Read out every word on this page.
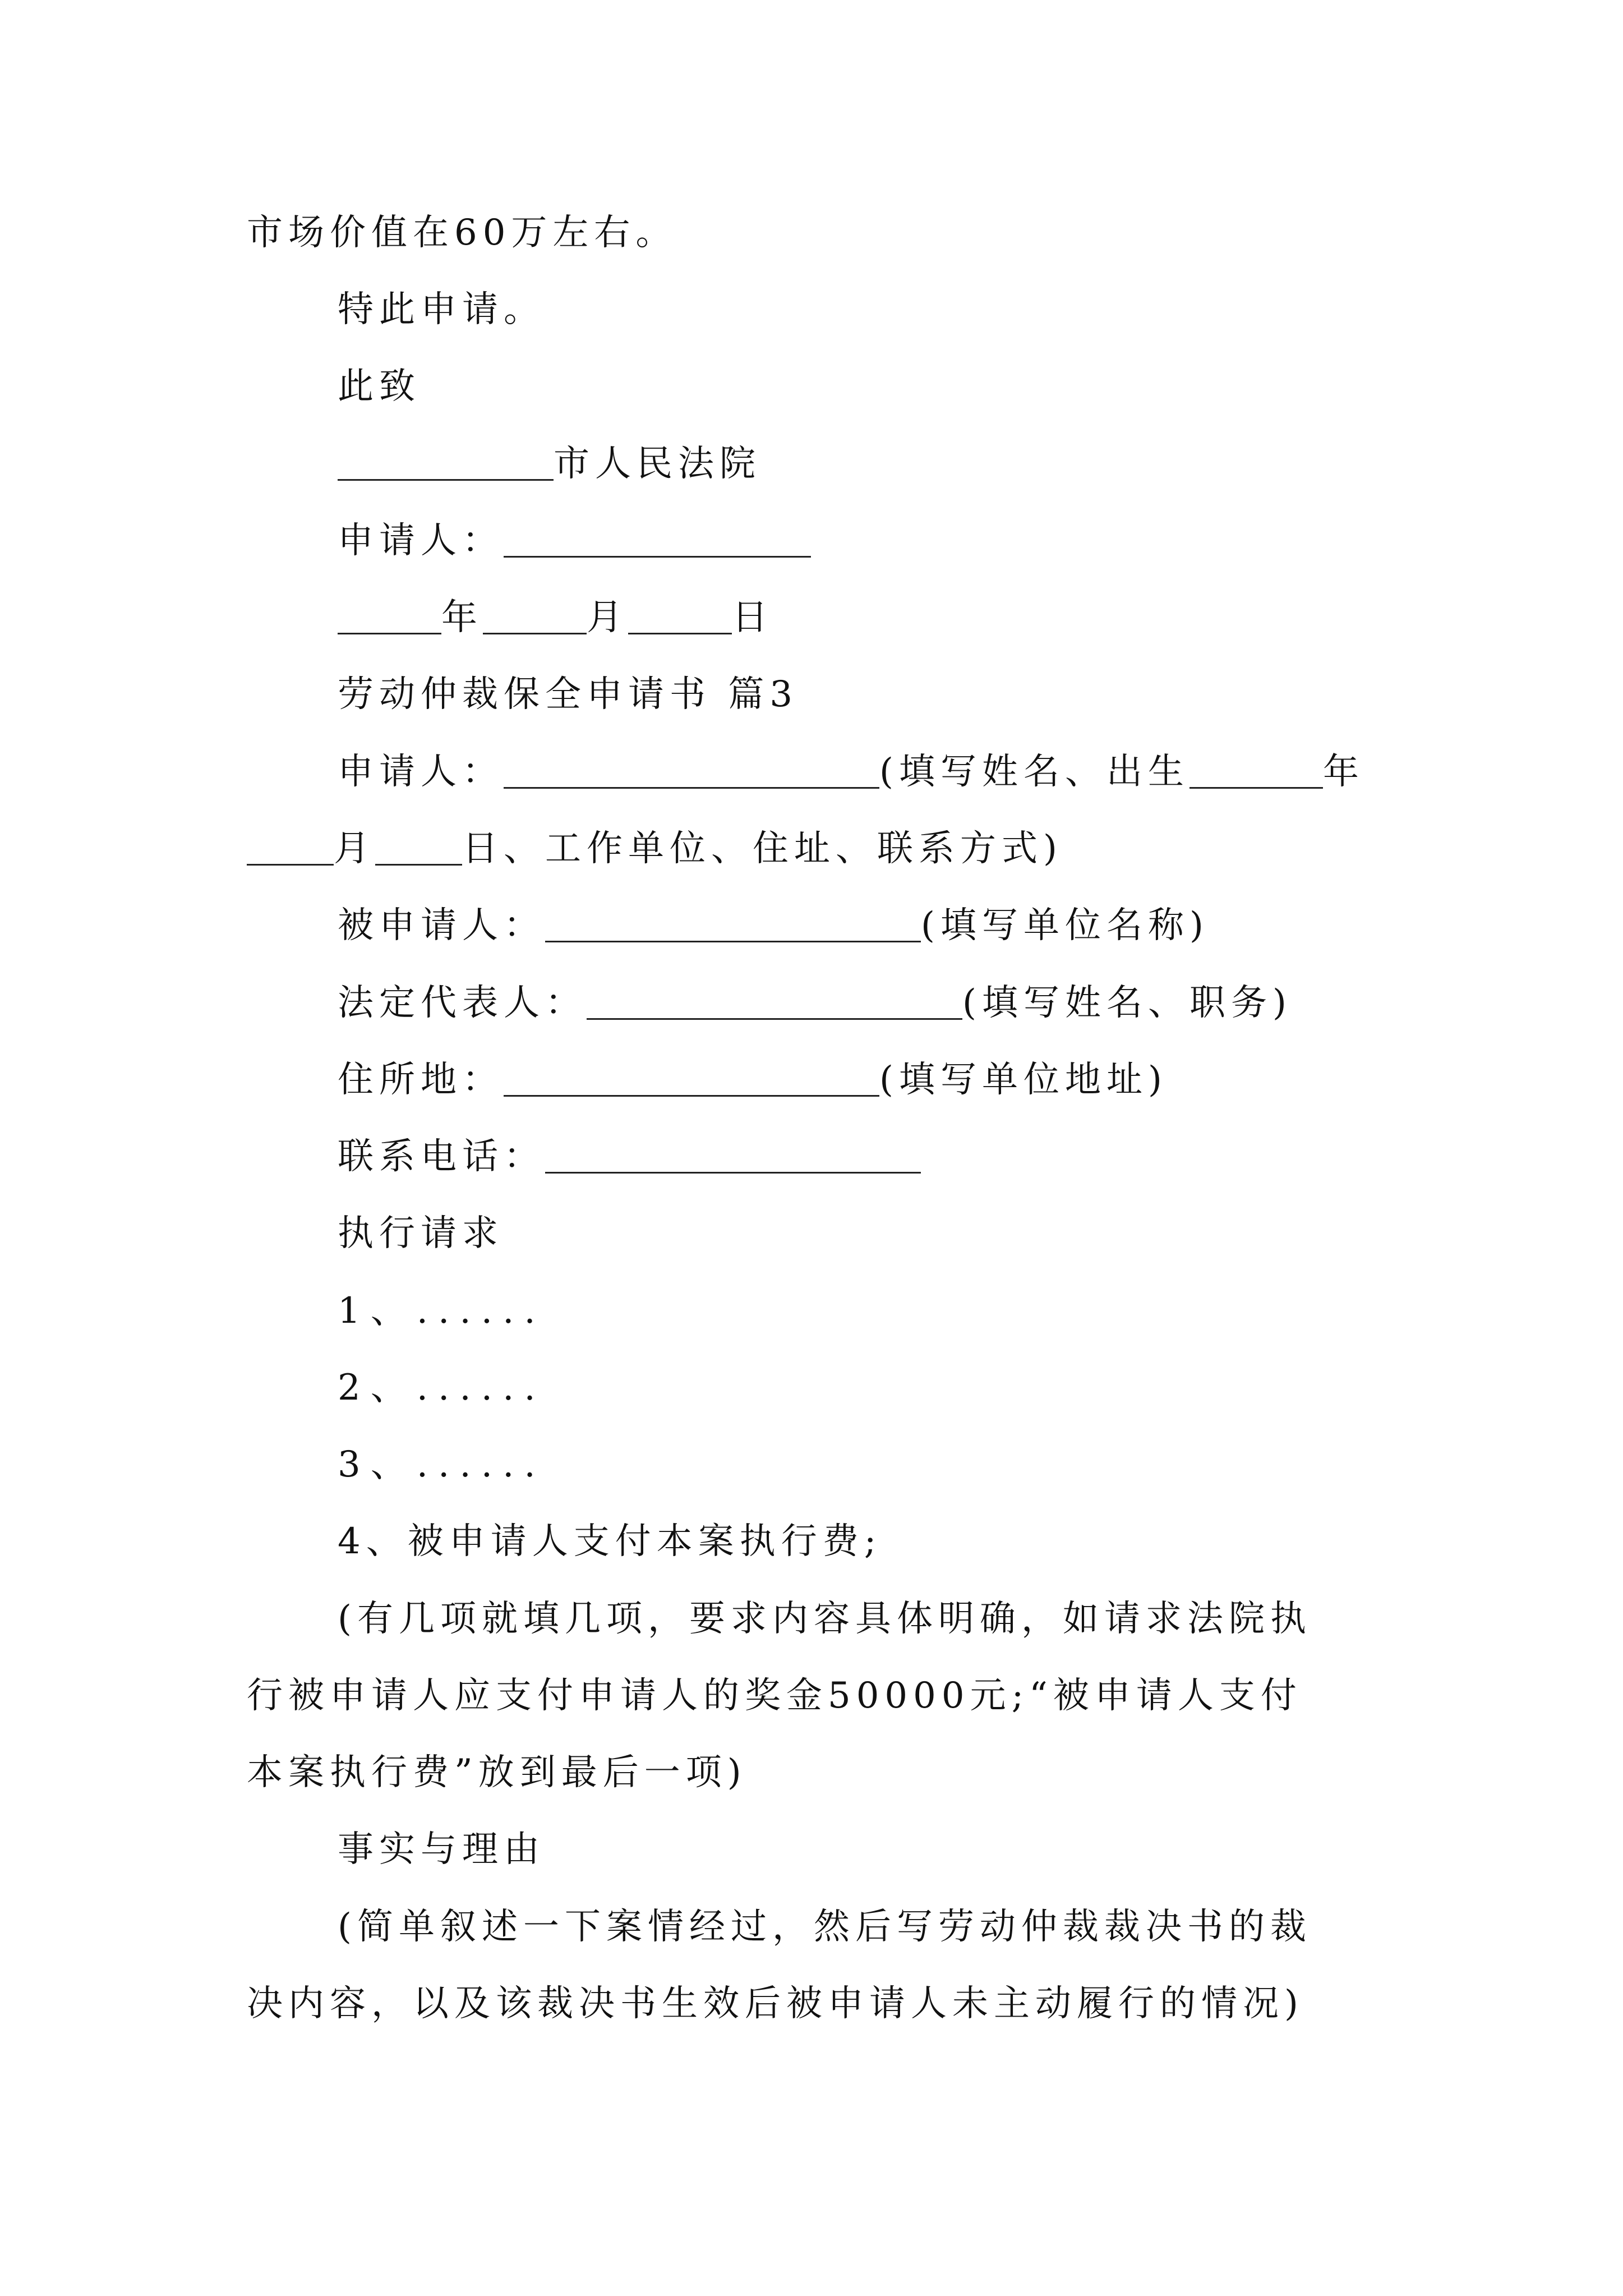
市场价值在60万左右。
特此申请。
此致
市人民法院
申请人：
年	月	日
劳动仲裁保全申请书 篇3
申请人：	(填写姓名、出生	年
月 日、工作单位、住址、联系方式)
被申请人：	(填写单位名称)
法定代表人：	(填写姓名、职务)
住所地：	(填写单位地址)
联系电话：
执行请求
1、......
2、......
3、......
4、被申请人支付本案执行费;
(有几项就填几项，要求内容具体明确，如请求法院执
行被申请人应支付申请人的奖金50000元;“被申请人支付
本案执行费”放到最后一项)
事实与理由
(简单叙述一下案情经过，然后写劳动仲裁裁决书的裁
决内容，以及该裁决书生效后被申请人未主动履行的情况)
